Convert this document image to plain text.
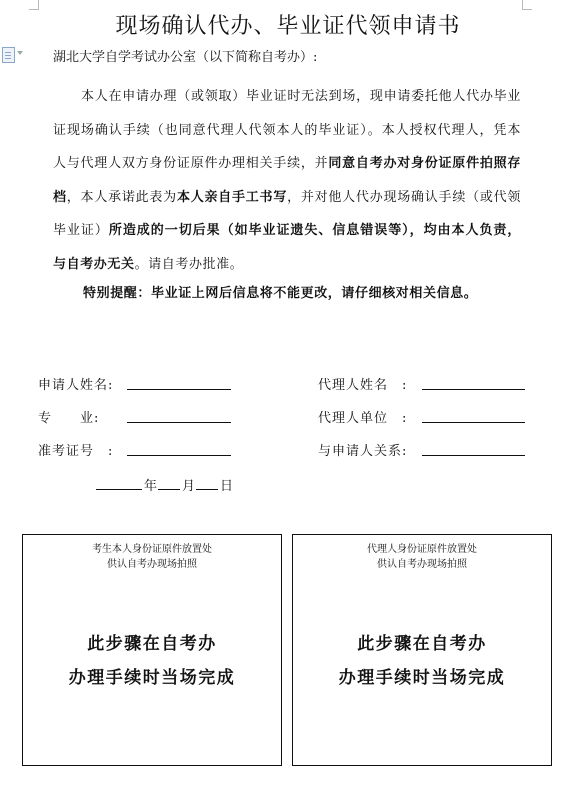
现场确认代办、毕业证代领申请书
湖北大学自学考试办公室（以下简称自考办）:
本人在申请办理（或领取）毕业证时无法到场，现申请委托他人代办毕业证现场确认手续（也同意代理人代领本人的毕业证）。本人授权代理人，凭本人与代理人双方身份证原件办理相关手续，并同意自考办对身份证原件拍照存档，本人承诺此表为本人亲自手工书写，并对他人代办现场确认手续（或代领毕业证）所造成的一切后果（如毕业证遗失、信息错误等），均由本人负责，与自考办无关。请自考办批准。
特别提醒：毕业证上网后信息将不能更改，请仔细核对相关信息。
申请人姓名:
专　　业:
准考证号　:
代理人姓名　:
代理人单位　:
与申请人关系:
年 月 日
考生本人身份证原件放置处
供认自考办现场拍照
此步骤在自考办
办理手续时当场完成
代理人身份证原件放置处
供认自考办现场拍照
此步骤在自考办
办理手续时当场完成
